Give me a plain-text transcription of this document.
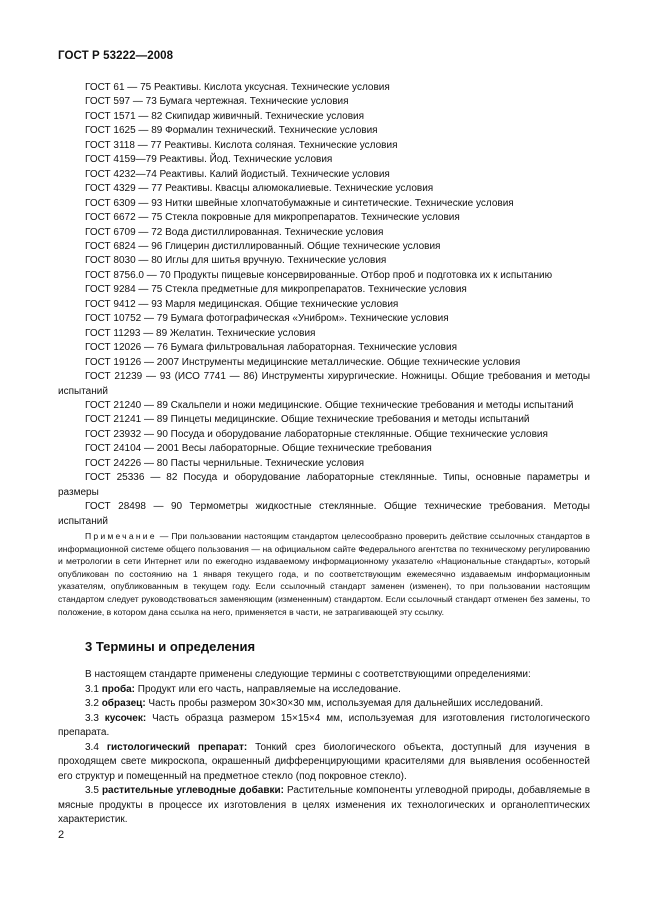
ГОСТ Р 53222—2008
ГОСТ 61 — 75 Реактивы. Кислота уксусная. Технические условия
ГОСТ 597 — 73 Бумага чертежная. Технические условия
ГОСТ 1571 — 82 Скипидар живичный. Технические условия
ГОСТ 1625 — 89 Формалин технический. Технические условия
ГОСТ 3118 — 77 Реактивы. Кислота соляная. Технические условия
ГОСТ 4159—79 Реактивы. Йод. Технические условия
ГОСТ 4232—74 Реактивы. Калий йодистый. Технические условия
ГОСТ 4329 — 77 Реактивы. Квасцы алюмокалиевые. Технические условия
ГОСТ 6309 — 93 Нитки швейные хлопчатобумажные и синтетические. Технические условия
ГОСТ 6672 — 75 Стекла покровные для микропрепаратов. Технические условия
ГОСТ 6709 — 72 Вода дистиллированная. Технические условия
ГОСТ 6824 — 96 Глицерин дистиллированный. Общие технические условия
ГОСТ 8030 — 80 Иглы для шитья вручную. Технические условия
ГОСТ 8756.0 — 70 Продукты пищевые консервированные. Отбор проб и подготовка их к испытанию
ГОСТ 9284 — 75 Стекла предметные для микропрепаратов. Технические условия
ГОСТ 9412 — 93 Марля медицинская. Общие технические условия
ГОСТ 10752 — 79 Бумага фотографическая «Унибром». Технические условия
ГОСТ 11293 — 89 Желатин. Технические условия
ГОСТ 12026 — 76 Бумага фильтровальная лабораторная. Технические условия
ГОСТ 19126 — 2007 Инструменты медицинские металлические. Общие технические условия
ГОСТ 21239 — 93 (ИСО 7741 — 86) Инструменты хирургические. Ножницы. Общие требования и методы испытаний
ГОСТ 21240 — 89 Скальпели и ножи медицинские. Общие технические требования и методы испытаний
ГОСТ 21241 — 89 Пинцеты медицинские. Общие технические требования и методы испытаний
ГОСТ 23932 — 90 Посуда и оборудование лабораторные стеклянные. Общие технические условия
ГОСТ 24104 — 2001 Весы лабораторные. Общие технические требования
ГОСТ 24226 — 80 Пасты чернильные. Технические условия
ГОСТ 25336 — 82 Посуда и оборудование лабораторные стеклянные. Типы, основные параметры и размеры
ГОСТ 28498 — 90 Термометры жидкостные стеклянные. Общие технические требования. Методы испытаний
Примечание — При пользовании настоящим стандартом целесообразно проверить действие ссылочных стандартов в информационной системе общего пользования — на официальном сайте Федерального агентства по техническому регулированию и метрологии в сети Интернет или по ежегодно издаваемому информационному указателю «Национальные стандарты», который опубликован по состоянию на 1 января текущего года, и по соответствующим ежемесячно издаваемым информационным указателям, опубликованным в текущем году. Если ссылочный стандарт заменен (изменен), то при пользовании настоящим стандартом следует руководствоваться заменяющим (измененным) стандартом. Если ссылочный стандарт отменен без замены, то положение, в котором дана ссылка на него, применяется в части, не затрагивающей эту ссылку.
3 Термины и определения

В настоящем стандарте применены следующие термины с соответствующими определениями:

3.1 проба: Продукт или его часть, направляемые на исследование.

3.2 образец: Часть пробы размером 30×30×30 мм, используемая для дальнейших исследований.

3.3 кусочек: Часть образца размером 15×15×4 мм, используемая для изготовления гистологического препарата.

3.4 гистологический препарат: Тонкий срез биологического объекта, доступный для изучения в проходящем свете микроскопа, окрашенный дифференцирующими красителями для выявления особенностей его структур и помещенный на предметное стекло (под покровное стекло).

3.5 растительные углеводные добавки: Растительные компоненты углеводной природы, добавляемые в мясные продукты в процессе их изготовления в целях изменения их технологических и органолептических характеристик.

2
